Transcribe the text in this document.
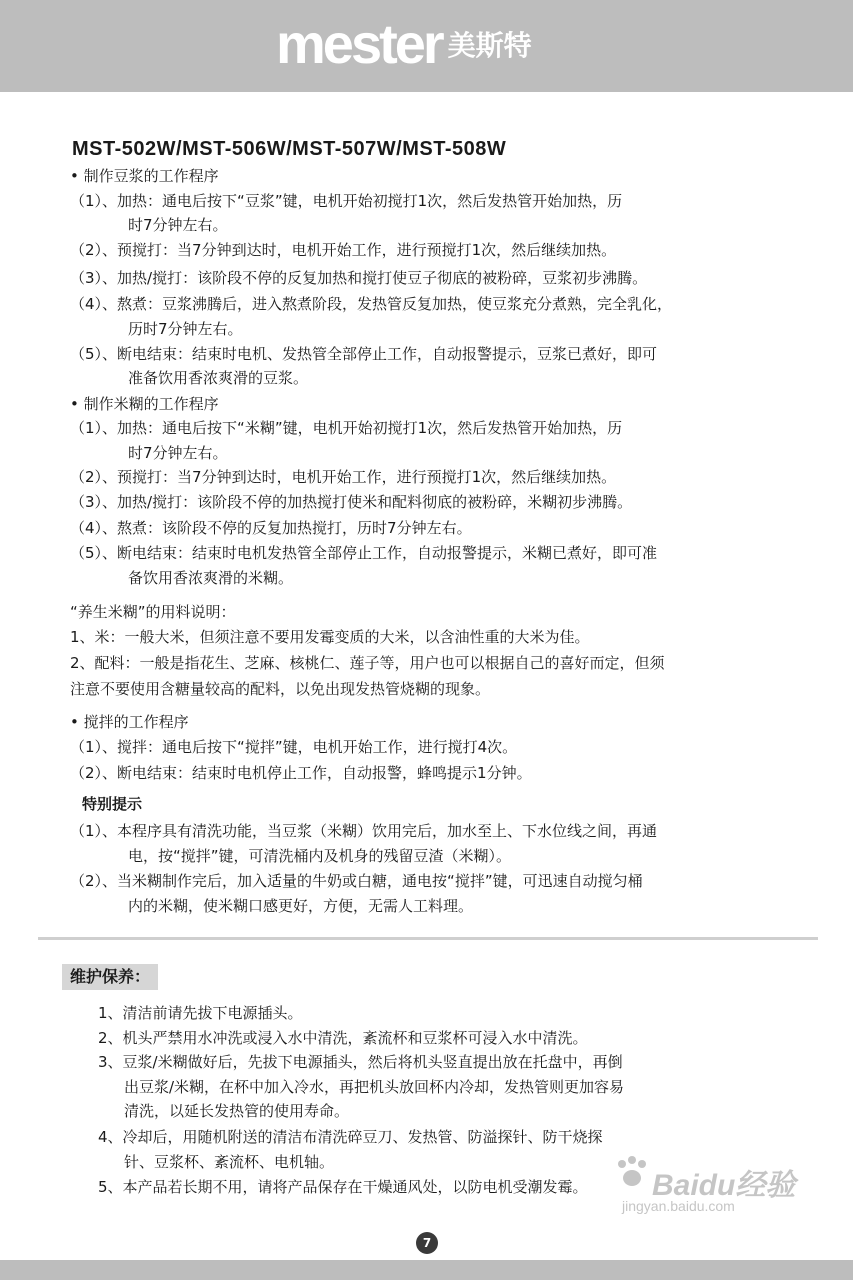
mester 美斯特
MST-502W/MST-506W/MST-507W/MST-508W
• 制作豆浆的工作程序
（1）、加热：通电后按下“豆浆”键，电机开始初搅打1次，然后发热管开始加热，历
时7分钟左右。
（2）、预搅打：当7分钟到达时，电机开始工作，进行预搅打1次，然后继续加热。
（3）、加热/搅打：该阶段不停的反复加热和搅打使豆子彻底的被粉碎，豆浆初步沸腾。
（4）、熬煮：豆浆沸腾后，进入熬煮阶段，发热管反复加热，使豆浆充分煮熟，完全乳化，
历时7分钟左右。
（5）、断电结束：结束时电机、发热管全部停止工作，自动报警提示，豆浆已煮好，即可
准备饮用香浓爽滑的豆浆。
• 制作米糊的工作程序
（1）、加热：通电后按下“米糊”键，电机开始初搅打1次，然后发热管开始加热，历
时7分钟左右。
（2）、预搅打：当7分钟到达时，电机开始工作，进行预搅打1次，然后继续加热。
（3）、加热/搅打：该阶段不停的加热搅打使米和配料彻底的被粉碎，米糊初步沸腾。
（4）、熬煮：该阶段不停的反复加热搅打，历时7分钟左右。
（5）、断电结束：结束时电机发热管全部停止工作，自动报警提示，米糊已煮好，即可准
备饮用香浓爽滑的米糊。
“养生米糊”的用料说明：
1、米：一般大米，但须注意不要用发霉变质的大米，以含油性重的大米为佳。
2、配料：一般是指花生、芝麻、核桃仁、莲子等，用户也可以根据自己的喜好而定，但须
注意不要使用含糖量较高的配料，以免出现发热管烧糊的现象。
• 搅拌的工作程序
（1）、搅拌：通电后按下“搅拌”键，电机开始工作，进行搅打4次。
（2）、断电结束：结束时电机停止工作，自动报警，蜂鸣提示1分钟。
特别提示
（1）、本程序具有清洗功能，当豆浆（米糊）饮用完后，加水至上、下水位线之间，再通
电，按“搅拌”键，可清洗桶内及机身的残留豆渣（米糊）。
（2）、当米糊制作完后，加入适量的牛奶或白糖，通电按“搅拌”键，可迅速自动搅匀桶
内的米糊，使米糊口感更好，方便，无需人工料理。
维护保养：
1、清洁前请先拔下电源插头。
2、机头严禁用水冲洗或浸入水中清洗，紊流杯和豆浆杯可浸入水中清洗。
3、豆浆/米糊做好后，先拔下电源插头，然后将机头竖直提出放在托盘中，再倒
出豆浆/米糊，在杯中加入冷水，再把机头放回杯内冷却，发热管则更加容易
清洗，以延长发热管的使用寿命。
4、冷却后，用随机附送的清洁布清洗碎豆刀、发热管、防溢探针、防干烧探
针、豆浆杯、紊流杯、电机轴。
5、本产品若长期不用，请将产品保存在干燥通风处，以防电机受潮发霉。 Baidu经验
jingyan.baidu.com
7
